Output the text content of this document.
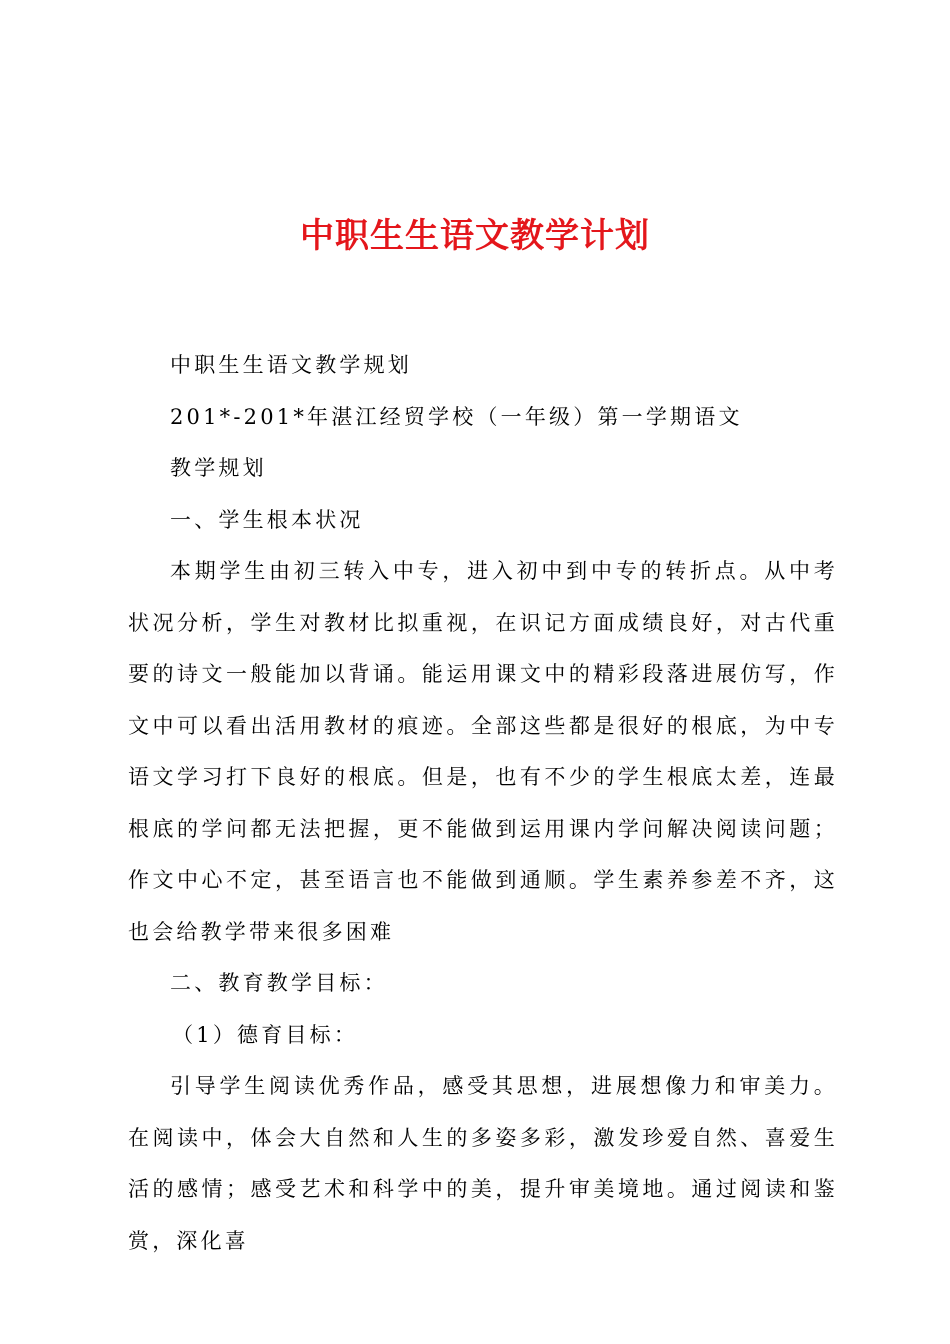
中职生生语文教学计划

中职生生语文教学规划

201*-201*年湛江经贸学校（一年级）第一学期语文

教学规划

一、学生根本状况

本期学生由初三转入中专，进入初中到中专的转折点。从中考状况分析，学生对教材比拟重视，在识记方面成绩良好，对古代重要的诗文一般能加以背诵。能运用课文中的精彩段落进展仿写，作文中可以看出活用教材的痕迹。全部这些都是很好的根底，为中专语文学习打下良好的根底。但是，也有不少的学生根底太差，连最根底的学问都无法把握，更不能做到运用课内学问解决阅读问题；作文中心不定，甚至语言也不能做到通顺。学生素养参差不齐，这也会给教学带来很多困难

二、教育教学目标：

（1）德育目标：

引导学生阅读优秀作品，感受其思想，进展想像力和审美力。在阅读中，体会大自然和人生的多姿多彩，激发珍爱自然、喜爱生活的感情；感受艺术和科学中的美，提升审美境地。通过阅读和鉴赏，深化喜
